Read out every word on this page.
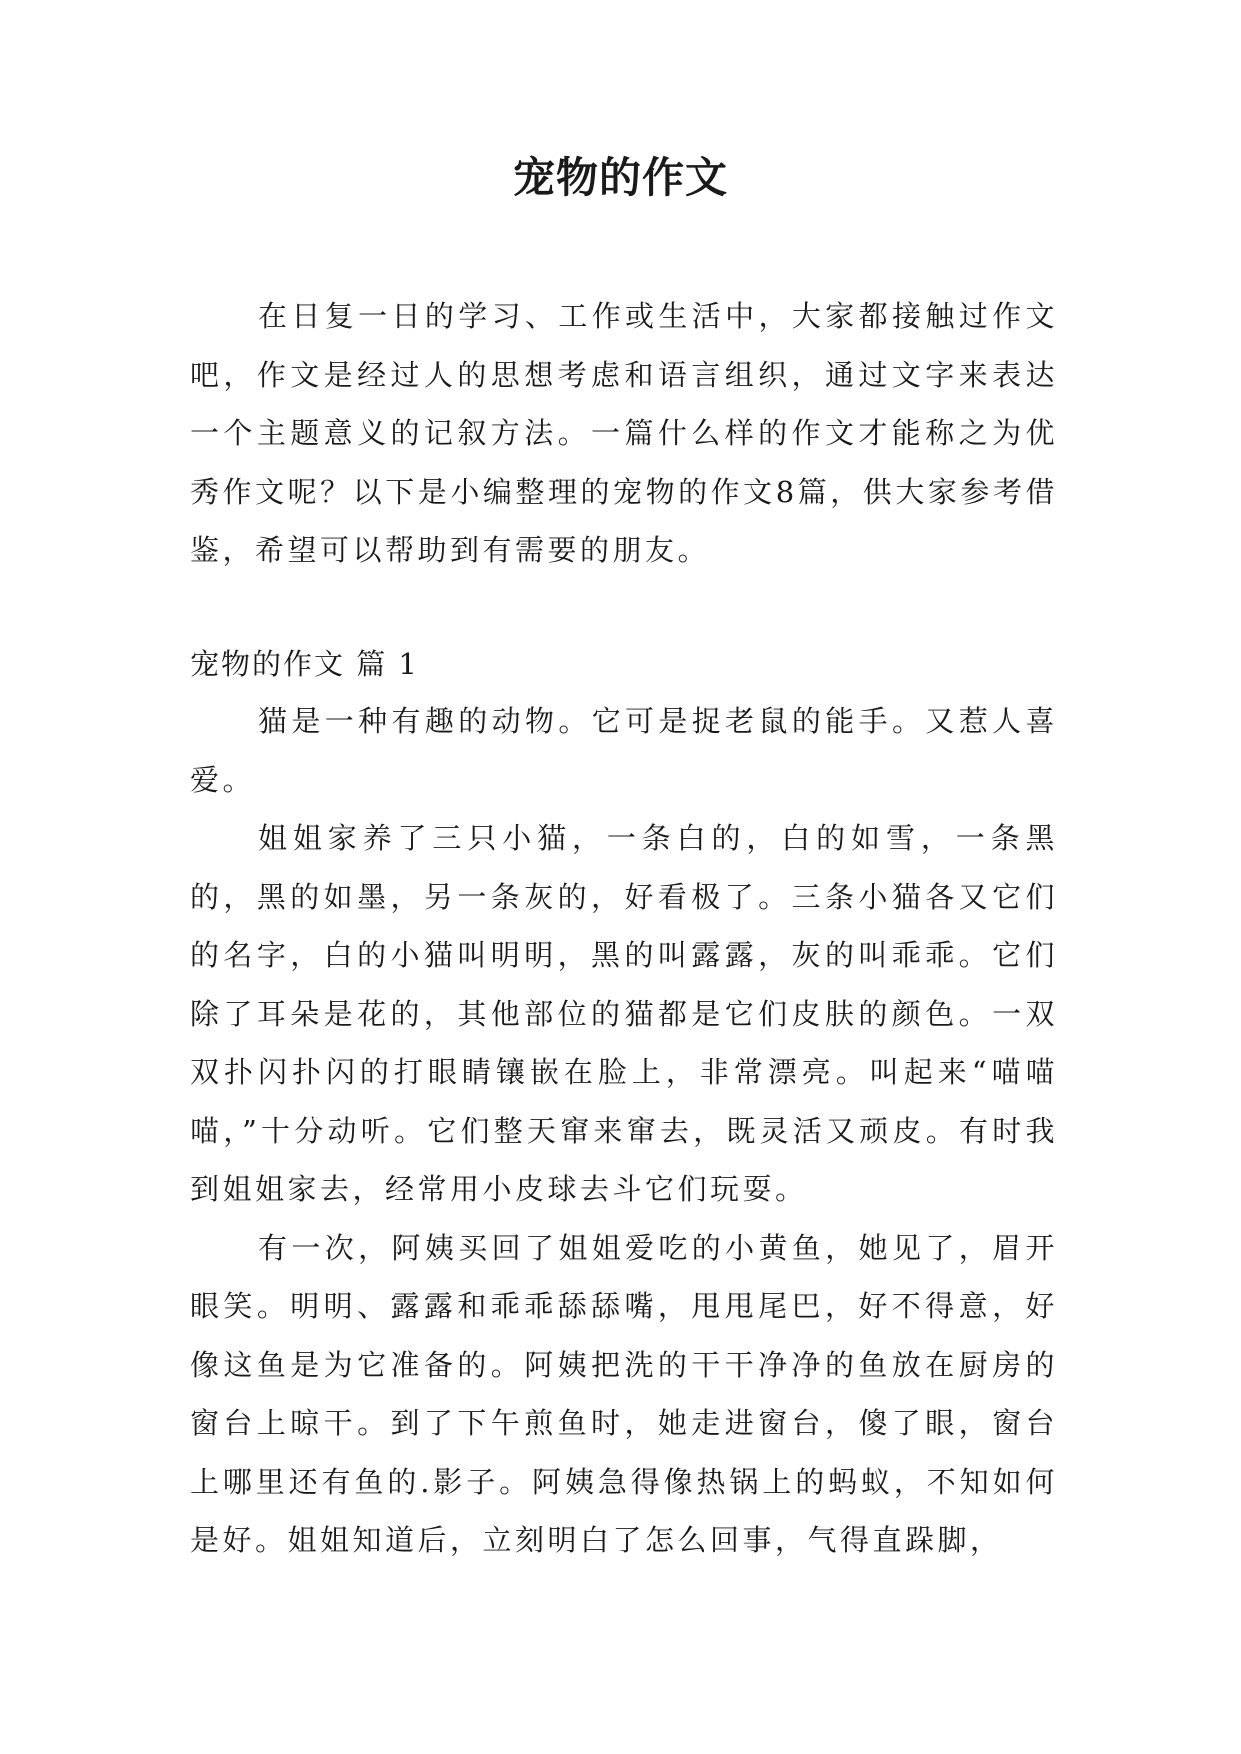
宠物的作文

在日复一日的学习、工作或生活中，大家都接触过作文吧，作文是经过人的思想考虑和语言组织，通过文字来表达一个主题意义的记叙方法。一篇什么样的作文才能称之为优秀作文呢？以下是小编整理的宠物的作文8篇，供大家参考借鉴，希望可以帮助到有需要的朋友。

宠物的作文 篇 1

猫是一种有趣的动物。它可是捉老鼠的能手。又惹人喜爱。

姐姐家养了三只小猫，一条白的，白的如雪，一条黑的，黑的如墨，另一条灰的，好看极了。三条小猫各又它们的名字，白的小猫叫明明，黑的叫露露，灰的叫乖乖。它们除了耳朵是花的，其他部位的猫都是它们皮肤的颜色。一双双扑闪扑闪的打眼睛镶嵌在脸上，非常漂亮。叫起来“喵喵喵，”十分动听。它们整天窜来窜去，既灵活又顽皮。有时我到姐姐家去，经常用小皮球去斗它们玩耍。

有一次，阿姨买回了姐姐爱吃的小黄鱼，她见了，眉开眼笑。明明、露露和乖乖舔舔嘴，甩甩尾巴，好不得意，好像这鱼是为它准备的。阿姨把洗的干干净净的鱼放在厨房的窗台上晾干。到了下午煎鱼时，她走进窗台，傻了眼，窗台上哪里还有鱼的.影子。阿姨急得像热锅上的蚂蚁，不知如何是好。姐姐知道后，立刻明白了怎么回事，气得直跺脚，
